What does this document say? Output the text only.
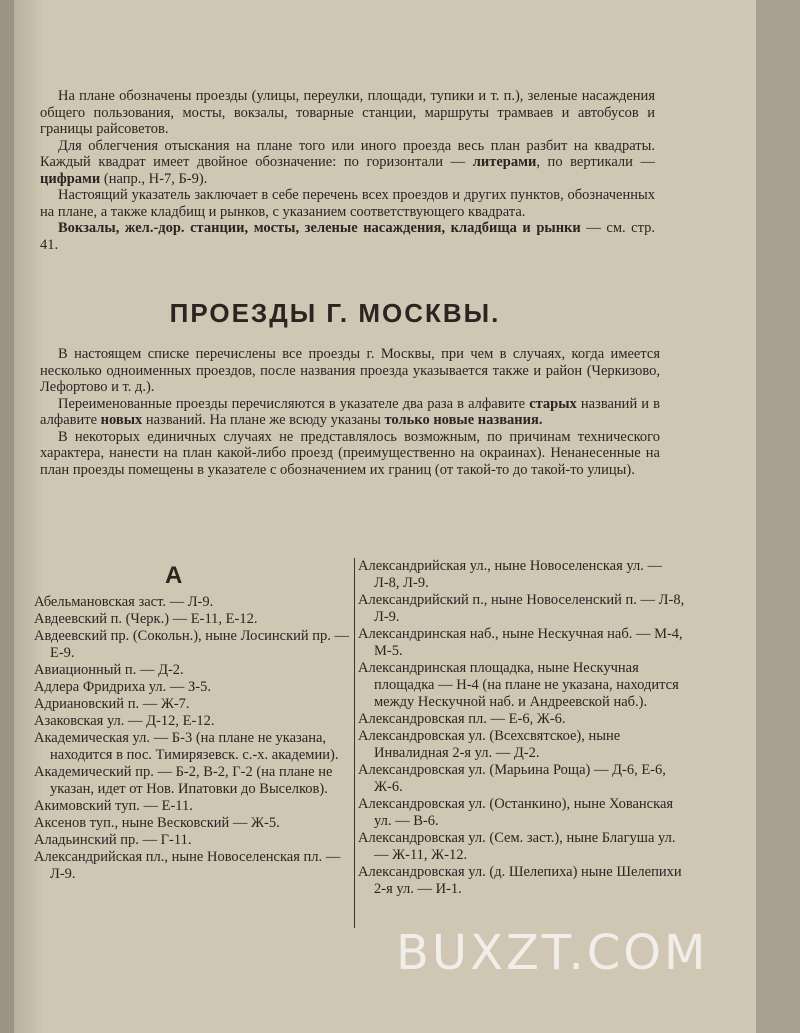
На плане обозначены проезды (улицы, переулки, площади, тупики и т. п.), зеленые насаждения общего пользования, мосты, вокзалы, товарные станции, маршруты трамваев и автобусов и границы райсоветов.

Для облегчения отыскания на плане того или иного проезда весь план разбит на квадраты. Каждый квадрат имеет двойное обозначение: по горизонтали — литерами, по вертикали — цифрами (напр., Н-7, Б-9).

Настоящий указатель заключает в себе перечень всех проездов и других пунктов, обозначенных на плане, а также кладбищ и рынков, с указанием соответствующего квадрата.

Вокзалы, жел.-дор. станции, мосты, зеленые насаждения, кладбища и рынки — см. стр. 41.

ПРОЕЗДЫ Г. МОСКВЫ.

В настоящем списке перечислены все проезды г. Москвы, при чем в случаях, когда имеется несколько одноименных проездов, после названия проезда указывается также и район (Черкизово, Лефортово и т. д.).

Переименованные проезды перечисляются в указателе два раза в алфавите старых названий и в алфавите новых названий. На плане же всюду указаны только новые названия.

В некоторых единичных случаях не представлялось возможным, по причинам технического характера, нанести на план какой-либо проезд (преимущественно на окраинах). Ненанесенные на план проезды помещены в указателе с обозначением их границ (от такой-то до такой-то улицы).

А
Абельмановская заст. — Л-9.
Авдеевский п. (Черк.) — Е-11, Е-12.
Авдеевский пр. (Сокольн.), ныне Лосинский пр. — Е-9.
Авиационный п. — Д-2.
Адлера Фридриха ул. — З-5.
Адриановский п. — Ж-7.
Азаковская ул. — Д-12, Е-12.
Академическая ул. — Б-3 (на плане не указана, находится в пос. Тимирязевск. с.-х. академии).
Академический пр. — Б-2, В-2, Г-2 (на плане не указан, идет от Нов. Ипатовки до Выселков).
Акимовский туп. — Е-11.
Аксенов туп., ныне Весковский — Ж-5.
Аладьинский пр. — Г-11.
Александрийская пл., ныне Новоселенская пл. — Л-9.
Александрийская ул., ныне Новоселенская ул. — Л-8, Л-9.
Александрийский п., ныне Новоселенский п. — Л-8, Л-9.
Александринская наб., ныне Нескучная наб. — М-4, М-5.
Александринская площадка, ныне Нескучная площадка — Н-4 (на плане не указана, находится между Нескучной наб. и Андреевской наб.).
Александровская пл. — Е-6, Ж-6.
Александровская ул. (Всехсвятское), ныне Инвалидная 2-я ул. — Д-2.
Александровская ул. (Марьина Роща) — Д-6, Е-6, Ж-6.
Александровская ул. (Останкино), ныне Хованская ул. — В-6.
Александровская ул. (Сем. заст.), ныне Благуша ул. — Ж-11, Ж-12.
Александровская ул. (д. Шелепиха) ныне Шелепихи 2-я ул. — И-1.
BUXZT.COM
